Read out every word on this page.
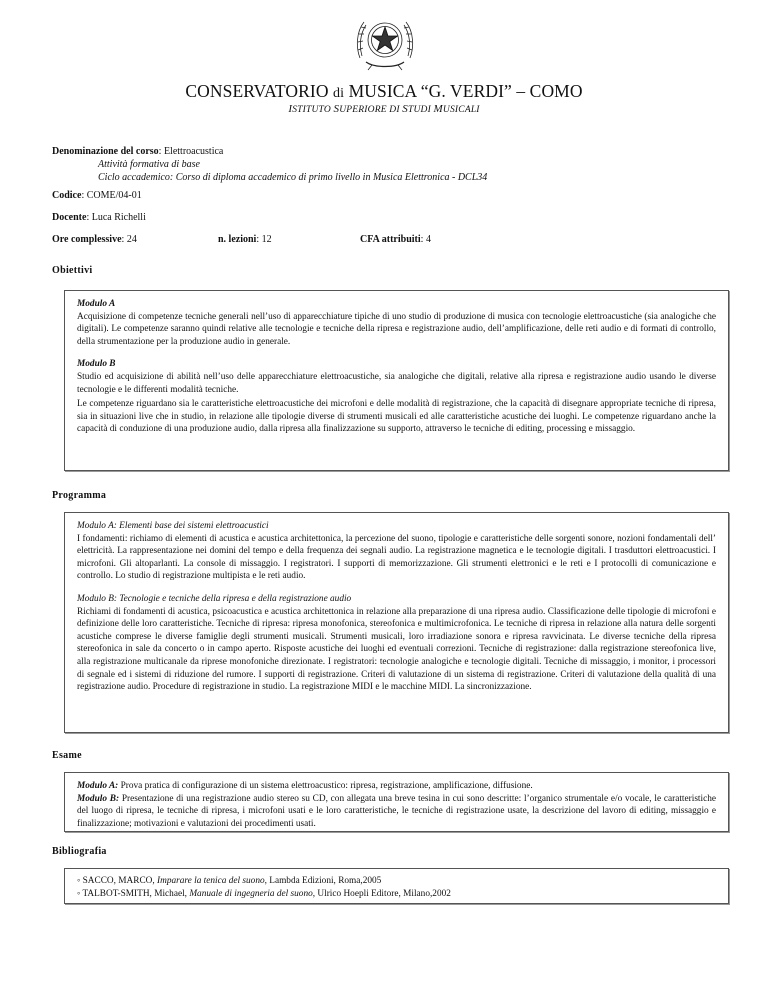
CONSERVATORIO di MUSICA “G. VERDI” – COMO
ISTITUTO SUPERIORE DI STUDI MUSICALI
Denominazione del corso: Elettroacustica
Attività formativa di base
Ciclo accademico: Corso di diploma accademico di primo livello in Musica Elettronica - DCL34
Codice: COME/04-01
Docente: Luca Richelli
Ore complessive: 24	n. lezioni: 12	CFA attribuiti: 4
Obiettivi

Modulo A

Acquisizione di competenze tecniche generali nell’uso di apparecchiature tipiche di uno studio di produzione di musica con tecnologie elettroacustiche (sia analogiche che digitali). Le competenze saranno quindi relative alle tecnologie e tecniche della ripresa e registrazione audio, dell’amplificazione, delle reti audio e di formati di controllo, della strumentazione per la produzione audio in generale.

Modulo B

Studio ed acquisizione di abilità nell’uso delle apparecchiature elettroacustiche, sia analogiche che digitali, relative alla ripresa e registrazione audio usando le diverse tecnologie e le differenti modalità tecniche.

Le competenze riguardano sia le caratteristiche elettroacustiche dei microfoni e delle modalità di registrazione, che la capacità di disegnare appropriate tecniche di ripresa, sia in situazioni live che in studio, in relazione alle tipologie diverse di strumenti musicali ed alle caratteristiche acustiche dei luoghi. Le competenze riguardano anche la capacità di conduzione di una produzione audio, dalla ripresa alla finalizzazione su supporto, attraverso le tecniche di editing, processing e missaggio.

Programma

Modulo A: Elementi base dei sistemi elettroacustici

I fondamenti: richiamo di elementi di acustica e acustica architettonica, la percezione del suono, tipologie e caratteristiche delle sorgenti sonore, nozioni fondamentali dell’ elettricità. La rappresentazione nei domini del tempo e della frequenza dei segnali audio. La registrazione magnetica e le tecnologie digitali. I trasduttori elettroacustici. I microfoni. Gli altoparlanti. La console di missaggio. I registratori. I supporti di memorizzazione. Gli strumenti elettronici e le reti e I protocolli di comunicazione e controllo. Lo studio di registrazione multipista e le reti audio.

Modulo B: Tecnologie e tecniche della ripresa e della registrazione audio

Richiami di fondamenti di acustica, psicoacustica e acustica architettonica in relazione alla preparazione di una ripresa audio. Classificazione delle tipologie di microfoni e definizione delle loro caratteristiche. Tecniche di ripresa: ripresa monofonica, stereofonica e multimicrofonica. Le tecniche di ripresa in relazione alla natura delle sorgenti acustiche comprese le diverse famiglie degli strumenti musicali. Strumenti musicali, loro irradiazione sonora e ripresa ravvicinata. Le diverse tecniche della ripresa stereofonica in sale da concerto o in campo aperto. Risposte acustiche dei luoghi ed eventuali correzioni. Tecniche di registrazione: dalla registrazione stereofonica live, alla registrazione multicanale da riprese monofoniche direzionate. I registratori: tecnologie analogiche e tecnologie digitali. Tecniche di missaggio, i monitor, i processori di segnale ed i sistemi di riduzione del rumore. I supporti di registrazione. Criteri di valutazione di un sistema di registrazione. Criteri di valutazione della qualità di una registrazione audio. Procedure di registrazione in studio. La registrazione MIDI e le macchine MIDI. La sincronizzazione.

Esame

Modulo A: Prova pratica di configurazione di un sistema elettroacustico: ripresa, registrazione, amplificazione, diffusione.

Modulo B: Presentazione di una registrazione audio stereo su CD, con allegata una breve tesina in cui sono descritte: l’organico strumentale e/o vocale, le caratteristiche del luogo di ripresa, le tecniche di ripresa, i microfoni usati e le loro caratteristiche, le tecniche di registrazione usate, la descrizione del lavoro di editing, missaggio e finalizzazione; motivazioni e valutazioni dei procedimenti usati.

Bibliografia

◦ SACCO, MARCO, Imparare la tenica del suono, Lambda Edizioni, Roma,2005

◦ TALBOT-SMITH, Michael, Manuale di ingegneria del suono, Ulrico Hoepli Editore, Milano,2002
